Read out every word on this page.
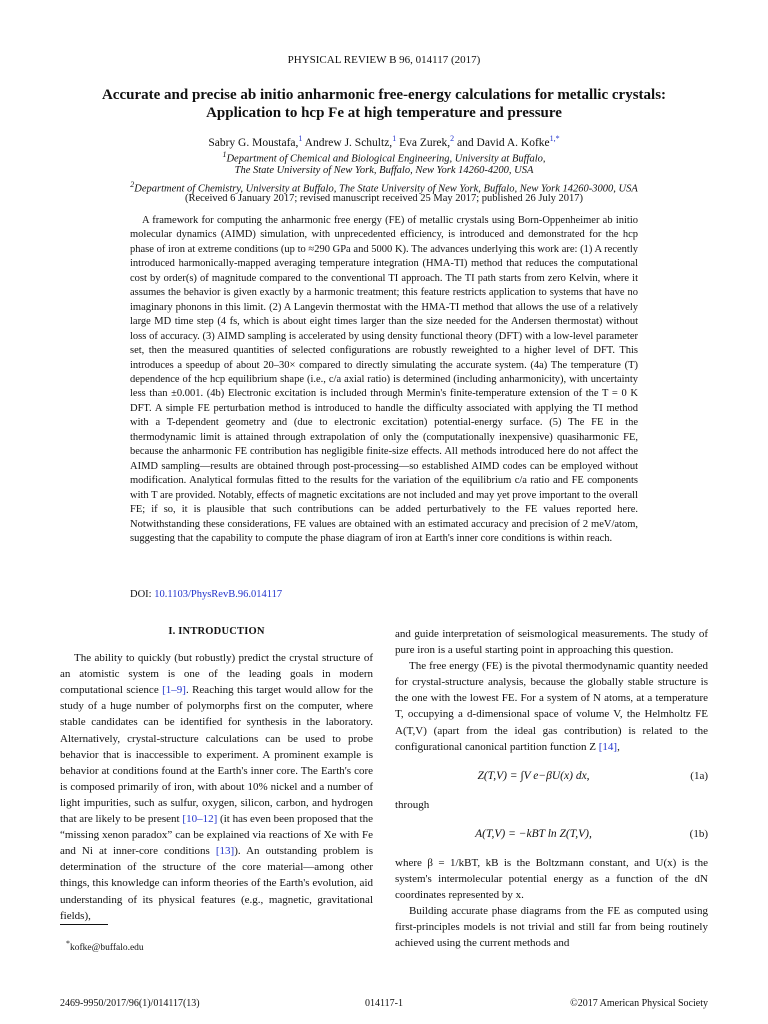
PHYSICAL REVIEW B 96, 014117 (2017)
Accurate and precise ab initio anharmonic free-energy calculations for metallic crystals:
Application to hcp Fe at high temperature and pressure
Sabry G. Moustafa,$^1$ Andrew J. Schultz,$^1$ Eva Zurek,$^2$ and David A. Kofke$^{1,*}$
$^1$Department of Chemical and Biological Engineering, University at Buffalo,
The State University of New York, Buffalo, New York 14260-4200, USA
$^2$Department of Chemistry, University at Buffalo, The State University of New York, Buffalo, New York 14260-3000, USA
(Received 6 January 2017; revised manuscript received 25 May 2017; published 26 July 2017)

A framework for computing the anharmonic free energy (FE) of metallic crystals using Born-Oppenheimer ab initio molecular dynamics (AIMD) simulation, with unprecedented efficiency, is introduced and demonstrated for the hcp phase of iron at extreme conditions (up to ≈290 GPa and 5000 K). The advances underlying this work are: (1) A recently introduced harmonically-mapped averaging temperature integration (HMA-TI) method that reduces the computational cost by order(s) of magnitude compared to the conventional TI approach. The TI path starts from zero Kelvin, where it assumes the behavior is given exactly by a harmonic treatment; this feature restricts application to systems that have no imaginary phonons in this limit. (2) A Langevin thermostat with the HMA-TI method that allows the use of a relatively large MD time step (4 fs, which is about eight times larger than the size needed for the Andersen thermostat) without loss of accuracy. (3) AIMD sampling is accelerated by using density functional theory (DFT) with a low-level parameter set, then the measured quantities of selected configurations are robustly reweighted to a higher level of DFT. This introduces a speedup of about 20–30× compared to directly simulating the accurate system. (4a) The temperature (T) dependence of the hcp equilibrium shape (i.e., c/a axial ratio) is determined (including anharmonicity), with uncertainty less than ±0.001. (4b) Electronic excitation is included through Mermin's finite-temperature extension of the T = 0 K DFT. A simple FE perturbation method is introduced to handle the difficulty associated with applying the TI method with a T-dependent geometry and (due to electronic excitation) potential-energy surface. (5) The FE in the thermodynamic limit is attained through extrapolation of only the (computationally inexpensive) quasiharmonic FE, because the anharmonic FE contribution has negligible finite-size effects. All methods introduced here do not affect the AIMD sampling—results are obtained through post-processing—so established AIMD codes can be employed without modification. Analytical formulas fitted to the results for the variation of the equilibrium c/a ratio and FE components with T are provided. Notably, effects of magnetic excitations are not included and may yet prove important to the overall FE; if so, it is plausible that such contributions can be added perturbatively to the FE values reported here. Notwithstanding these considerations, FE values are obtained with an estimated accuracy and precision of 2 meV/atom, suggesting that the capability to compute the phase diagram of iron at Earth's inner core conditions is within reach.

DOI: 10.1103/PhysRevB.96.014117
I. INTRODUCTION

The ability to quickly (but robustly) predict the crystal structure of an atomistic system is one of the leading goals in modern computational science [1–9]. Reaching this target would allow for the study of a huge number of polymorphs first on the computer, where stable candidates can be identified for synthesis in the laboratory. Alternatively, crystal-structure calculations can be used to probe behavior that is inaccessible to experiment. A prominent example is behavior at conditions found at the Earth's inner core. The Earth's core is composed primarily of iron, with about 10% nickel and a number of light impurities, such as sulfur, oxygen, silicon, carbon, and hydrogen that are likely to be present [10–12] (it has even been proposed that the “missing xenon paradox” can be explained via reactions of Xe with Fe and Ni at inner-core conditions [13]). An outstanding problem is determination of the structure of the core material—among other things, this knowledge can inform theories of the Earth's evolution, aid understanding of its physical features (e.g., magnetic, gravitational fields),

and guide interpretation of seismological measurements. The study of pure iron is a useful starting point in approaching this question.

The free energy (FE) is the pivotal thermodynamic quantity needed for crystal-structure analysis, because the globally stable structure is the one with the lowest FE. For a system of N atoms, at a temperature T, occupying a d-dimensional space of volume V, the Helmholtz FE A(T,V) (apart from the ideal gas contribution) is related to the configurational canonical partition function Z [14],

Z(T,V) = ∫V e−βU(x) dx,	(1a)

through

A(T,V) = −kBT ln Z(T,V),	(1b)

where β = 1/kBT, kB is the Boltzmann constant, and U(x) is the system's intermolecular potential energy as a function of the dN coordinates represented by x.

Building accurate phase diagrams from the FE as computed using first-principles models is not trivial and still far from being routinely achieved using the current methods and

*kofke@buffalo.edu
2469-9950/2017/96(1)/014117(13)	014117-1	©2017 American Physical Society
